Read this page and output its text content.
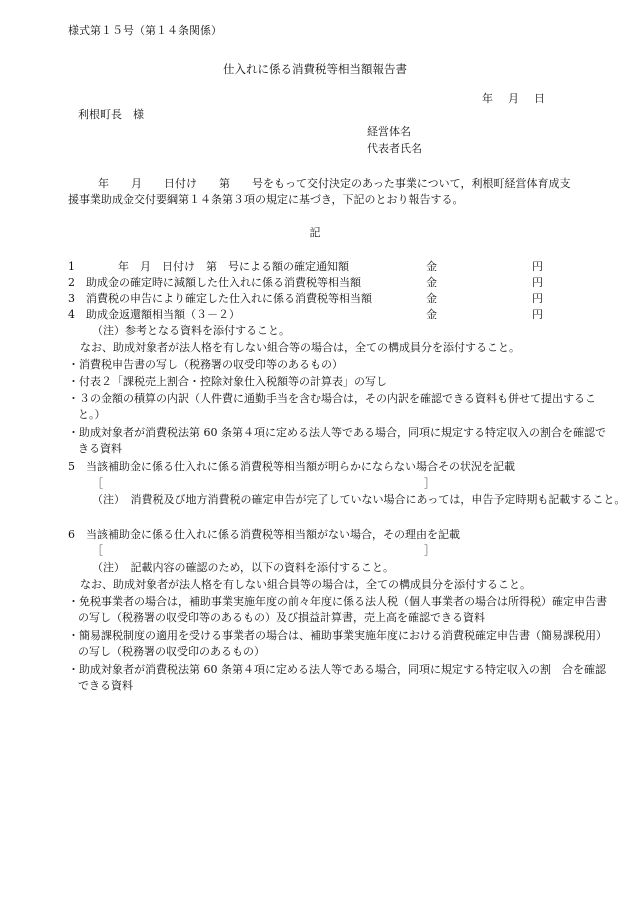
様式第１５号（第１４条関係）
仕入れに係る消費税等相当額報告書
年　月　日
利根町長　様
経営体名
代表者氏名
年　　月　　日付け　　第　　号をもって交付決定のあった事業について，利根町経営体育成支
援事業助成金交付要綱第１４条第３項の規定に基づき，下記のとおり報告する。
記
1	年　月　日付け　第　号による額の確定通知額	金	円
2 助成金の確定時に減額した仕入れに係る消費税等相当額	金	円
3 消費税の申告により確定した仕入れに係る消費税等相当額	金	円
4 助成金返還額相当額（３－２）	金	円
（注）参考となる資料を添付すること。
なお、助成対象者が法人格を有しない組合等の場合は，全ての構成員分を添付すること。
・消費税申告書の写し（税務署の収受印等のあるもの）
・付表２「課税売上割合・控除対象仕入税額等の計算表」の写し
・３の金額の積算の内訳（人件費に通勤手当を含む場合は，その内訳を確認できる資料も併せて提出すること。）
・助成対象者が消費税法第 60 条第４項に定める法人等である場合，同項に規定する特定収入の割合を確認できる資料
5 当該補助金に係る仕入れに係る消費税等相当額が明らかにならない場合その状況を記載
［	］
（注）　消費税及び地方消費税の確定申告が完了していない場合にあっては，申告予定時期も記載すること。
6 当該補助金に係る仕入れに係る消費税等相当額がない場合，その理由を記載
［	］
（注）　記載内容の確認のため，以下の資料を添付すること。
なお、助成対象者が法人格を有しない組合員等の場合は，全ての構成員分を添付すること。
・免税事業者の場合は，補助事業実施年度の前々年度に係る法人税（個人事業者の場合は所得税）確定申告書の写し（税務署の収受印等のあるもの）及び損益計算書，売上高を確認できる資料
・簡易課税制度の適用を受ける事業者の場合は、補助事業実施年度における消費税確定申告書（簡易課税用）の写し（税務署の収受印のあるもの）
・助成対象者が消費税法第 60 条第４項に定める法人等である場合，同項に規定する特定収入の割　合を確認できる資料
